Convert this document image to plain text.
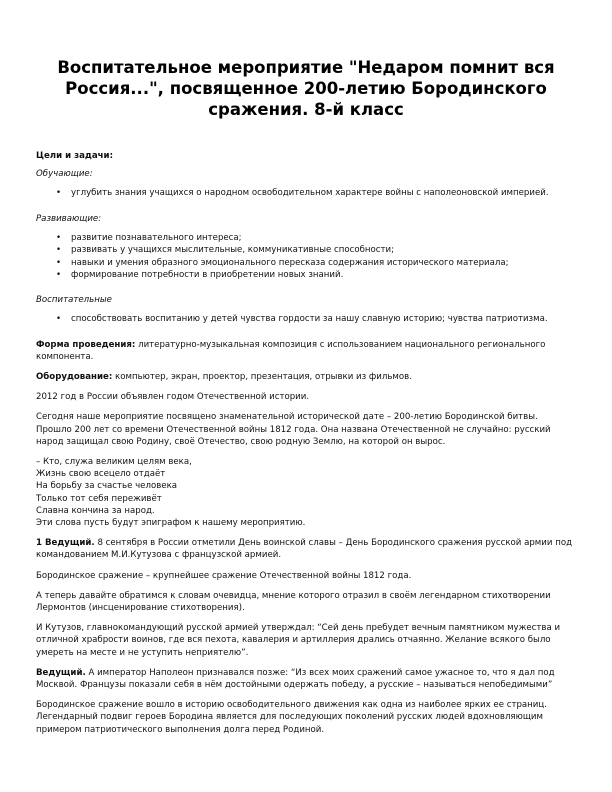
Воспитательное мероприятие "Недаром помнит вся Россия...", посвященное 200-летию Бородинского сражения. 8-й класс

Цели и задачи:

Обучающие:

• углубить знания учащихся о народном освободительном характере войны с наполеоновской империей.

Развивающие:

• развитие познавательного интереса;
• развивать у учащихся мыслительные, коммуникативные способности;
• навыки и умения образного эмоционального пересказа содержания исторического материала;
• формирование потребности в приобретении новых знаний.

Воспитательные

• способствовать воспитанию у детей чувства гордости за нашу славную историю; чувства патриотизма.

Форма проведения: литературно-музыкальная композиция с использованием национального регионального компонента.

Оборудование: компьютер, экран, проектор, презентация, отрывки из фильмов.

2012 год в России объявлен годом Отечественной истории.

Сегодня наше мероприятие посвящено знаменательной исторической дате – 200-летию Бородинской битвы. Прошло 200 лет со времени Отечественной войны 1812 года. Она названа Отечественной не случайно: русский народ защищал свою Родину, своё Отечество, свою родную Землю, на которой он вырос.

– Кто, служа великим целям века,

Жизнь свою всецело отдаёт

На борьбу за счастье человека

Только тот себя переживёт

Славна кончина за народ.

Эти слова пусть будут эпиграфом к нашему мероприятию.

1 Ведущий. 8 сентября в России отметили День воинской славы – День Бородинского сражения русской армии под командованием М.И.Кутузова с французской армией.

Бородинское сражение – крупнейшее сражение Отечественной войны 1812 года.

А теперь давайте обратимся к словам очевидца, мнение которого отразил в своём легендарном стихотворении Лермонтов (инсценирование стихотворения).

И Кутузов, главнокомандующий русской армией утверждал: “Сей день пребудет вечным памятником мужества и отличной храбрости воинов, где вся пехота, кавалерия и артиллерия дрались отчаянно. Желание всякого было умереть на месте и не уступить неприятелю”.

Ведущий. А император Наполеон признавался позже: “Из всех моих сражений самое ужасное то, что я дал под Москвой. Французы показали себя в нём достойными одержать победу, а русские – называться непобедимыми”

Бородинское сражение вошло в историю освободительного движения как одна из наиболее ярких ее страниц. Легендарный подвиг героев Бородина является для последующих поколений русских людей вдохновляющим примером патриотического выполнения долга перед Родиной.
